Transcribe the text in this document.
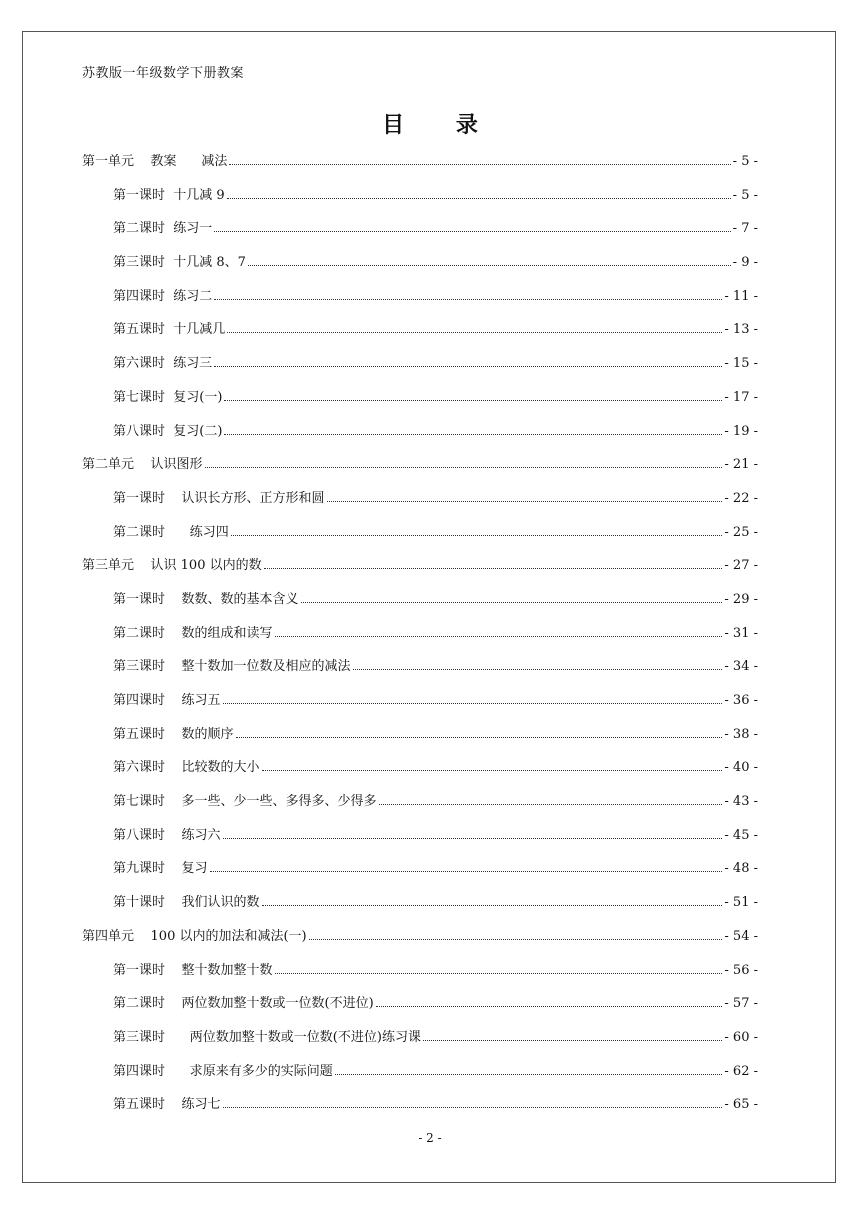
苏教版一年级数学下册教案
目 录
第一单元    教案      减法	- 5 -
第一课时  十几减 9	- 5 -
第二课时  练习一	- 7 -
第三课时  十几减 8、7	- 9 -
第四课时  练习二	- 11 -
第五课时  十几减几	- 13 -
第六课时  练习三	- 15 -
第七课时  复习(一)	- 17 -
第八课时  复习(二)	- 19 -
第二单元    认识图形	- 21 -
第一课时    认识长方形、正方形和圆	- 22 -
第二课时      练习四	- 25 -
第三单元    认识 100 以内的数	- 27 -
第一课时    数数、数的基本含义	- 29 -
第二课时    数的组成和读写	- 31 -
第三课时    整十数加一位数及相应的减法	- 34 -
第四课时    练习五	- 36 -
第五课时    数的顺序	- 38 -
第六课时    比较数的大小	- 40 -
第七课时    多一些、少一些、多得多、少得多	- 43 -
第八课时    练习六	- 45 -
第九课时    复习	- 48 -
第十课时    我们认识的数	- 51 -
第四单元    100 以内的加法和减法(一)	- 54 -
第一课时    整十数加整十数	- 56 -
第二课时    两位数加整十数或一位数(不进位)	- 57 -
第三课时      两位数加整十数或一位数(不进位)练习课	- 60 -
第四课时      求原来有多少的实际问题	- 62 -
第五课时    练习七	- 65 -
- 2 -
